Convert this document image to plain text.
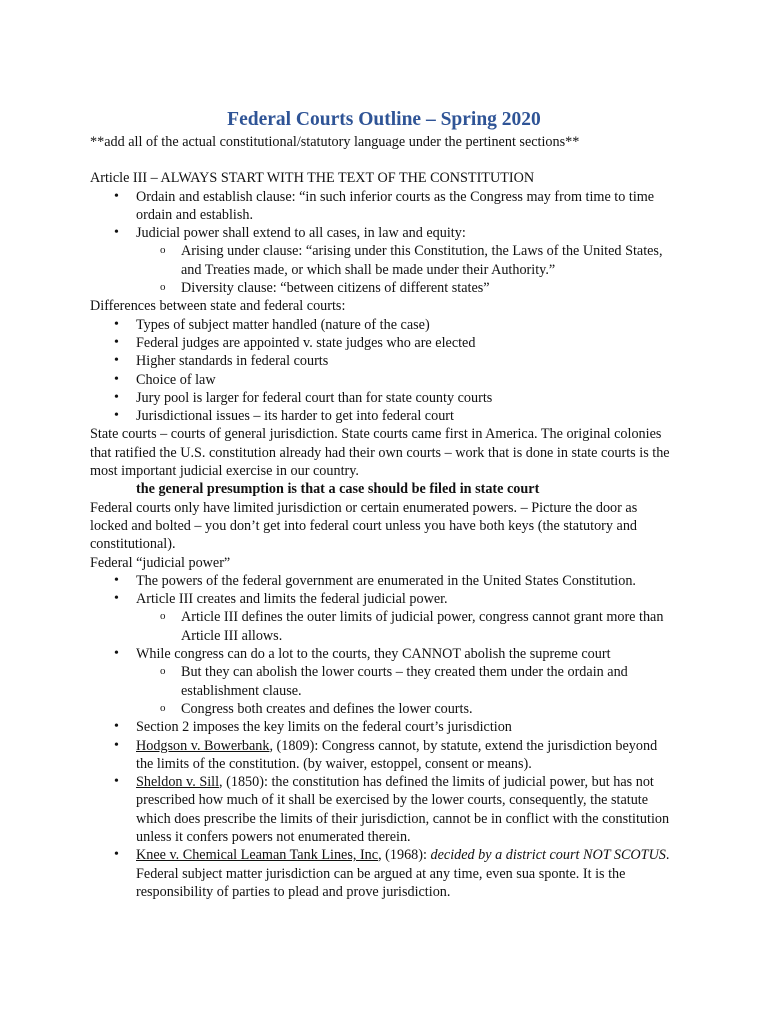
Federal Courts Outline – Spring 2020

**add all of the actual constitutional/statutory language under the pertinent sections**

Article III – ALWAYS START WITH THE TEXT OF THE CONSTITUTION

• Ordain and establish clause: “in such inferior courts as the Congress may from time to time ordain and establish.
• Judicial power shall extend to all cases, in law and equity:
o Arising under clause: “arising under this Constitution, the Laws of the United States, and Treaties made, or which shall be made under their Authority.”
o Diversity clause: “between citizens of different states”

Differences between state and federal courts:

• Types of subject matter handled (nature of the case)
• Federal judges are appointed v. state judges who are elected
• Higher standards in federal courts
• Choice of law
• Jury pool is larger for federal court than for state county courts
• Jurisdictional issues – its harder to get into federal court

State courts – courts of general jurisdiction. State courts came first in America. The original colonies that ratified the U.S. constitution already had their own courts – work that is done in state courts is the most important judicial exercise in our country.

the general presumption is that a case should be filed in state court

Federal courts only have limited jurisdiction or certain enumerated powers. – Picture the door as locked and bolted – you don’t get into federal court unless you have both keys (the statutory and constitutional).

Federal “judicial power”

• The powers of the federal government are enumerated in the United States Constitution.
• Article III creates and limits the federal judicial power.
o Article III defines the outer limits of judicial power, congress cannot grant more than Article III allows.
• While congress can do a lot to the courts, they CANNOT abolish the supreme court
o But they can abolish the lower courts – they created them under the ordain and establishment clause.
o Congress both creates and defines the lower courts.
• Section 2 imposes the key limits on the federal court’s jurisdiction
• Hodgson v. Bowerbank, (1809): Congress cannot, by statute, extend the jurisdiction beyond the limits of the constitution. (by waiver, estoppel, consent or means).
• Sheldon v. Sill, (1850): the constitution has defined the limits of judicial power, but has not prescribed how much of it shall be exercised by the lower courts, consequently, the statute which does prescribe the limits of their jurisdiction, cannot be in conflict with the constitution unless it confers powers not enumerated therein.
• Knee v. Chemical Leaman Tank Lines, Inc, (1968): decided by a district court NOT SCOTUS. Federal subject matter jurisdiction can be argued at any time, even sua sponte. It is the responsibility of parties to plead and prove jurisdiction.
